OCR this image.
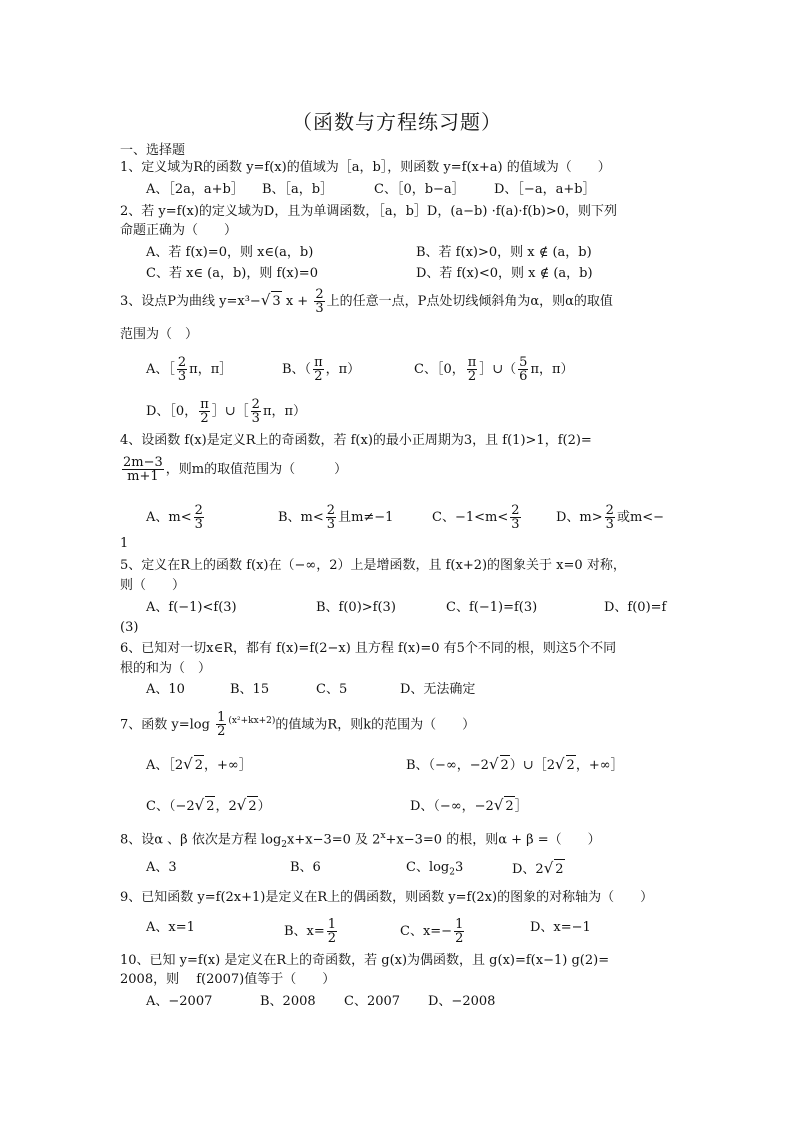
（函数与方程练习题）
一、选择题
1、定义域为R的函数 y=f(x)的值域为［a，b］，则函数 y=f(x+a) 的值域为（　　）
A、［2a，a+b］ B、［a，b］	C、［0，b−a］ D、［−a，a+b］
2、若 y=f(x)的定义域为D，且为单调函数，［a，b］D，(a−b) ·f(a)·f(b)>0，则下列
命题正确为（　　）
A、若 f(x)=0，则 x∈(a，b)	B、若 f(x)>0，则 x ∉ (a，b)
C、若 x∈ (a，b)，则 f(x)=0	D、若 f(x)<0，则 x ∉ (a，b)
3、设点P为曲线 y=x³−√ 3 $x + \frac{2}{3}$ 上的任意一点，P点处切线倾斜角为α，则α的取值
范围为（　）
A、［ $\frac{2}{3}$ π，π］	B、（ $\frac{\pi}{2}$ ，π）	C、［0， $\frac{\pi}{2}$ ］∪（ $\frac{5}{6}$ π，π）
D、［0， $\frac{\pi}{2}$ ］∪［ $\frac{2}{3}$ π，π）
4、设函数 f(x)是定义R上的奇函数，若 f(x)的最小正周期为3，且 f(1)>1，f(2)=
$\frac{2m-3}{m+1}$ ，则m的取值范围为（　　　）
A、$m< \frac{2}{3}$	B、$m< \frac{2}{3}$ 且m≠−1	C、$-1<m< \frac{2}{3}$	D、$m> \frac{2}{3}$ 或m<−
1
5、定义在R上的函数 f(x)在（−∞，2）上是增函数，且 f(x+2)的图象关于 x=0 对称，
则（　　）
A、f(−1)<f(3)	B、f(0)>f(3)	C、f(−1)=f(3)	D、f(0)=f
(3)
6、已知对一切x∈R，都有 f(x)=f(2−x) 且方程 f(x)=0 有5个不同的根，则这5个不同
根的和为（　）
A、10	B、15	C、5	D、无法确定
7、函数 $y=\log \frac{1}{2} ^{(x^2+kx+2)}$的值域为R，则k的范围为（　　）
A、［2√ 2，+∞］	B、（−∞，−2√ 2）∪［2√ 2，+∞］
C、（−2√ 2，2√ 2）	D、（−∞，−2√ 2］
8、设α 、β 依次是方程 $\log_2x+x-3=0$ 及 $2^x+x-3=0$ 的根，则α + β =（　　）
A、3	B、6	C、$\log_23$	D、2√ 2
9、已知函数 y=f(2x+1)是定义在R上的偶函数，则函数 y=f(2x)的图象的对称轴为（　　）
A、x=1	B、$x= \frac{1}{2}$	C、$x=- \frac{1}{2}$	D、x=−1
10、已知 y=f(x) 是定义在R上的奇函数，若 g(x)为偶函数，且 g(x)=f(x−1) g(2)=
2008，则　 f(2007)值等于（　　）
A、−2007	B、2008 C、2007 D、−2008
